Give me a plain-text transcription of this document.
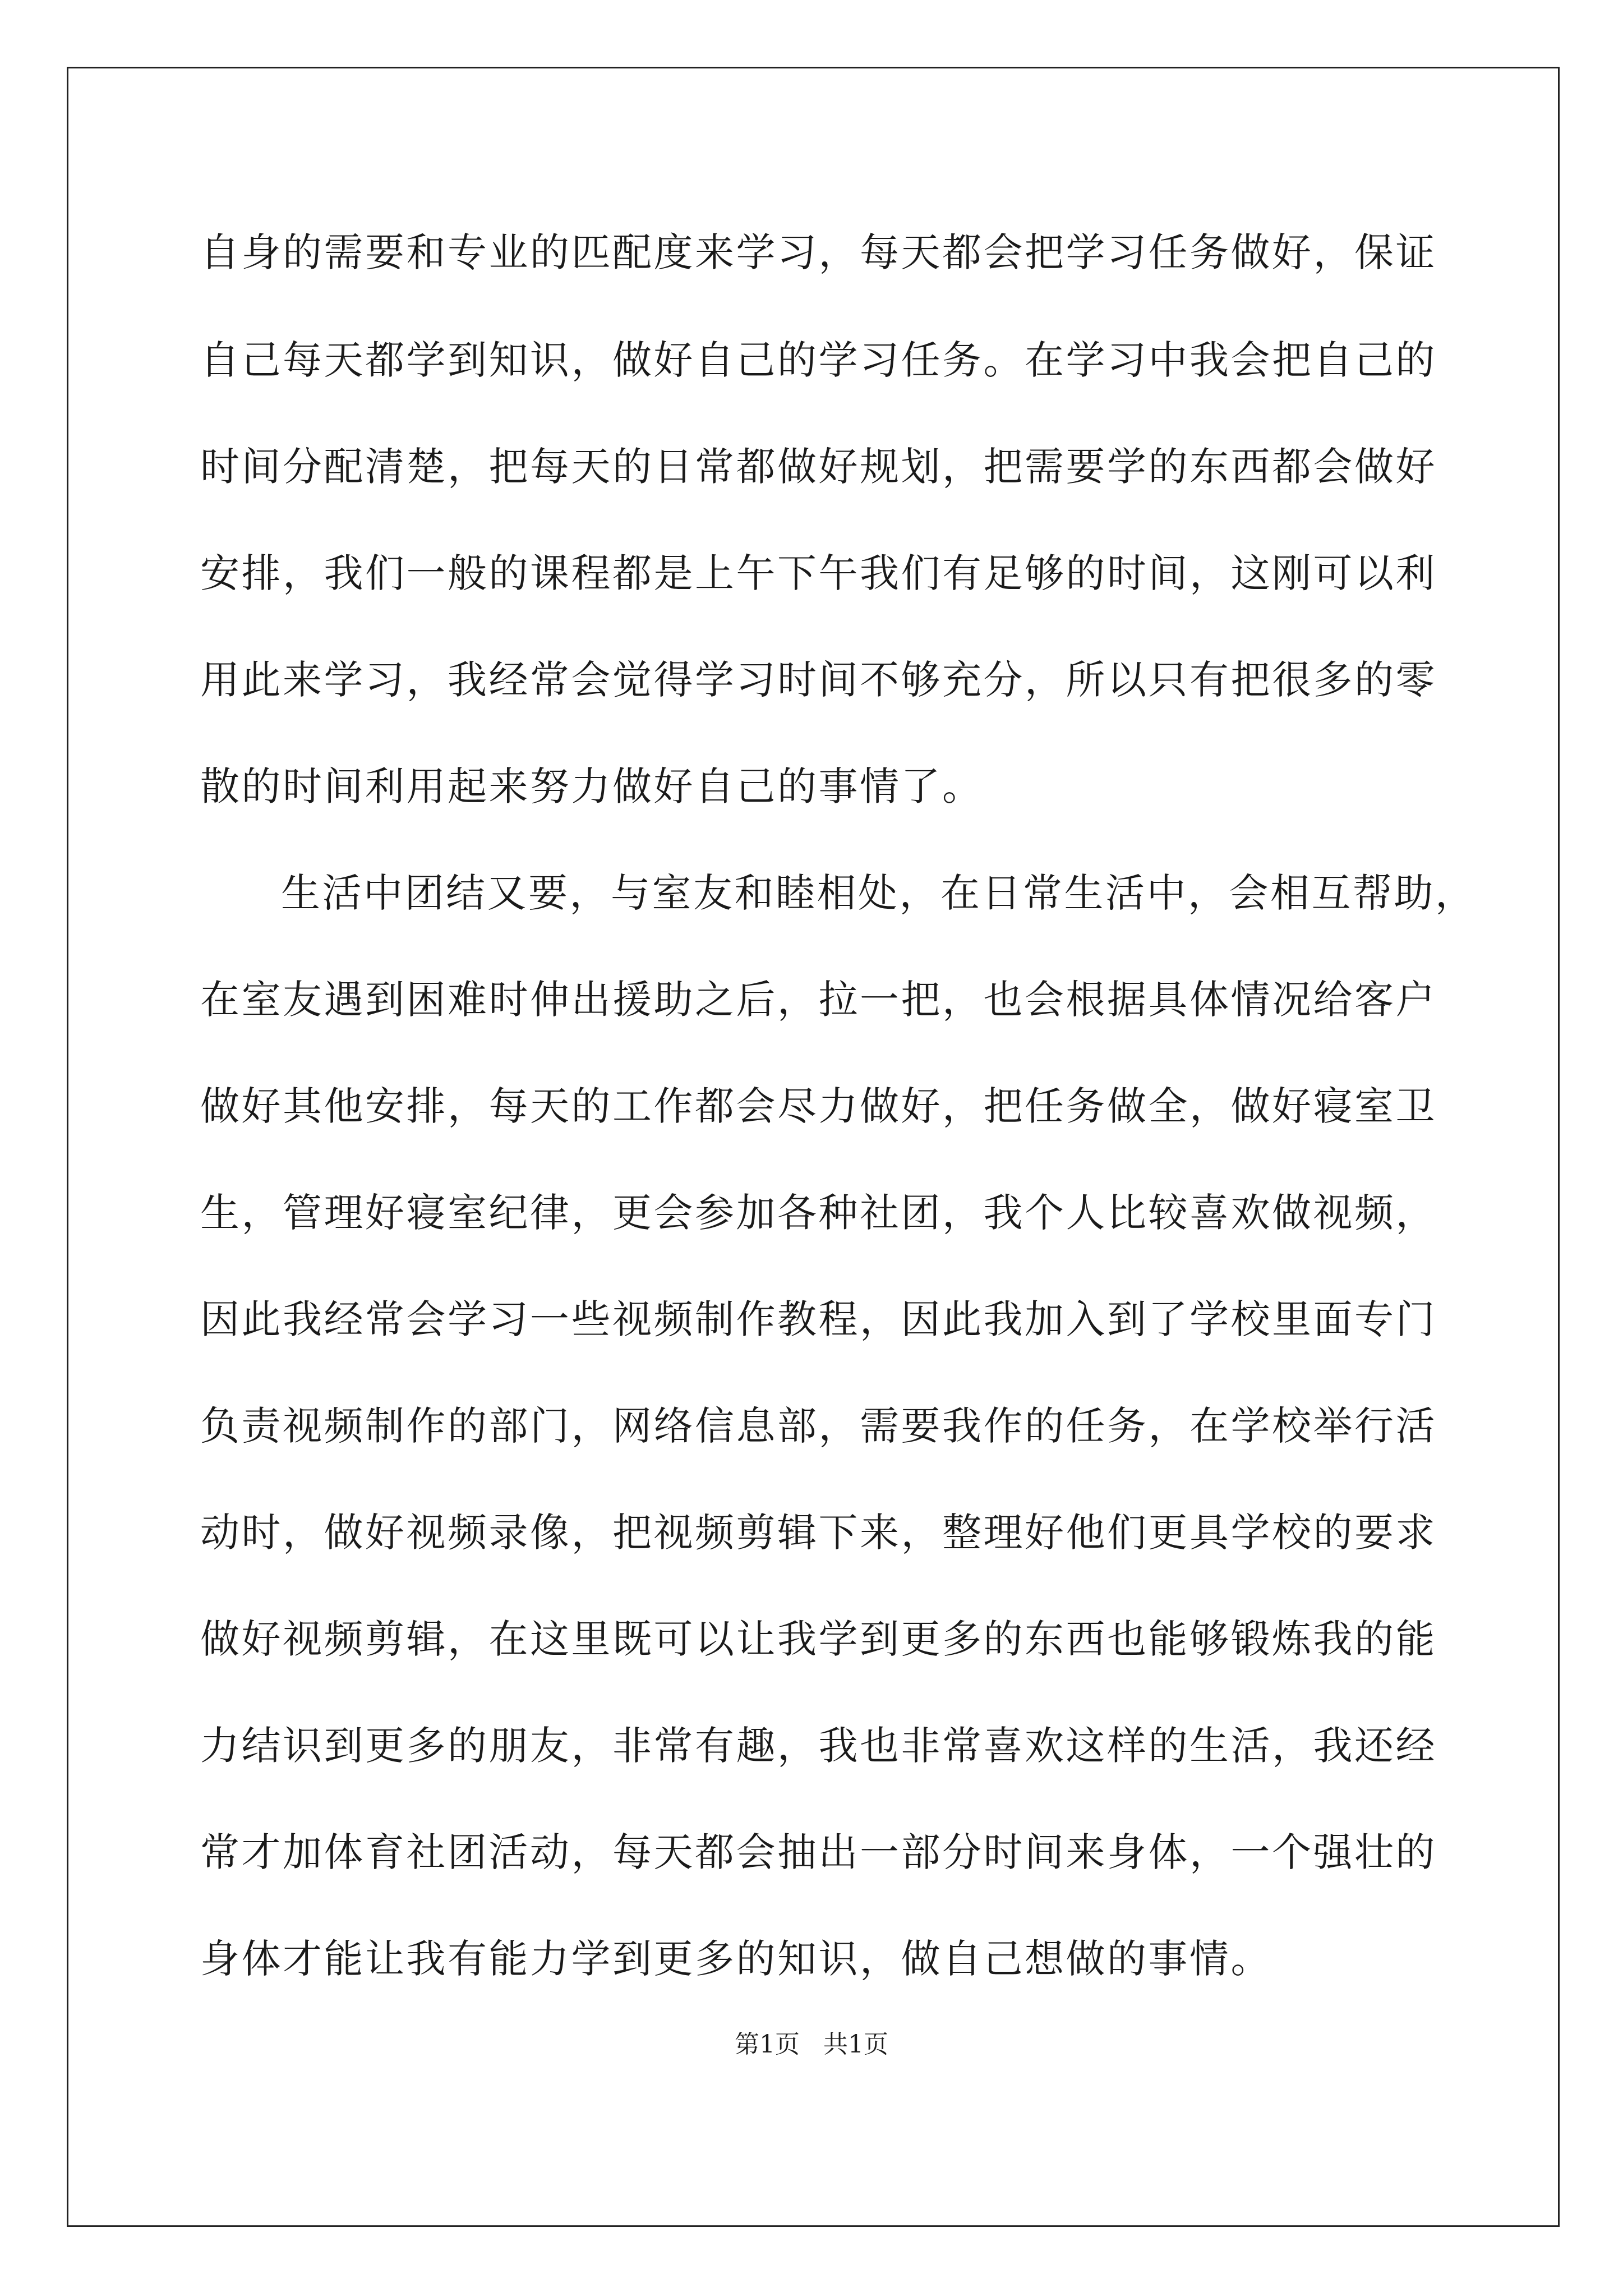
自身的需要和专业的匹配度来学习，每天都会把学习任务做好，保证
自己每天都学到知识，做好自己的学习任务。在学习中我会把自己的
时间分配清楚，把每天的日常都做好规划，把需要学的东西都会做好
安排，我们一般的课程都是上午下午我们有足够的时间，这刚可以利
用此来学习，我经常会觉得学习时间不够充分，所以只有把很多的零
散的时间利用起来努力做好自己的事情了。
生活中团结又要，与室友和睦相处，在日常生活中，会相互帮助，
在室友遇到困难时伸出援助之后，拉一把，也会根据具体情况给客户
做好其他安排，每天的工作都会尽力做好，把任务做全，做好寝室卫
生，管理好寝室纪律，更会参加各种社团，我个人比较喜欢做视频，
因此我经常会学习一些视频制作教程，因此我加入到了学校里面专门
负责视频制作的部门，网络信息部，需要我作的任务，在学校举行活
动时，做好视频录像，把视频剪辑下来，整理好他们更具学校的要求
做好视频剪辑，在这里既可以让我学到更多的东西也能够锻炼我的能
力结识到更多的朋友，非常有趣，我也非常喜欢这样的生活，我还经
常才加体育社团活动，每天都会抽出一部分时间来身体，一个强壮的
身体才能让我有能力学到更多的知识，做自己想做的事情。
第1页   共1页
